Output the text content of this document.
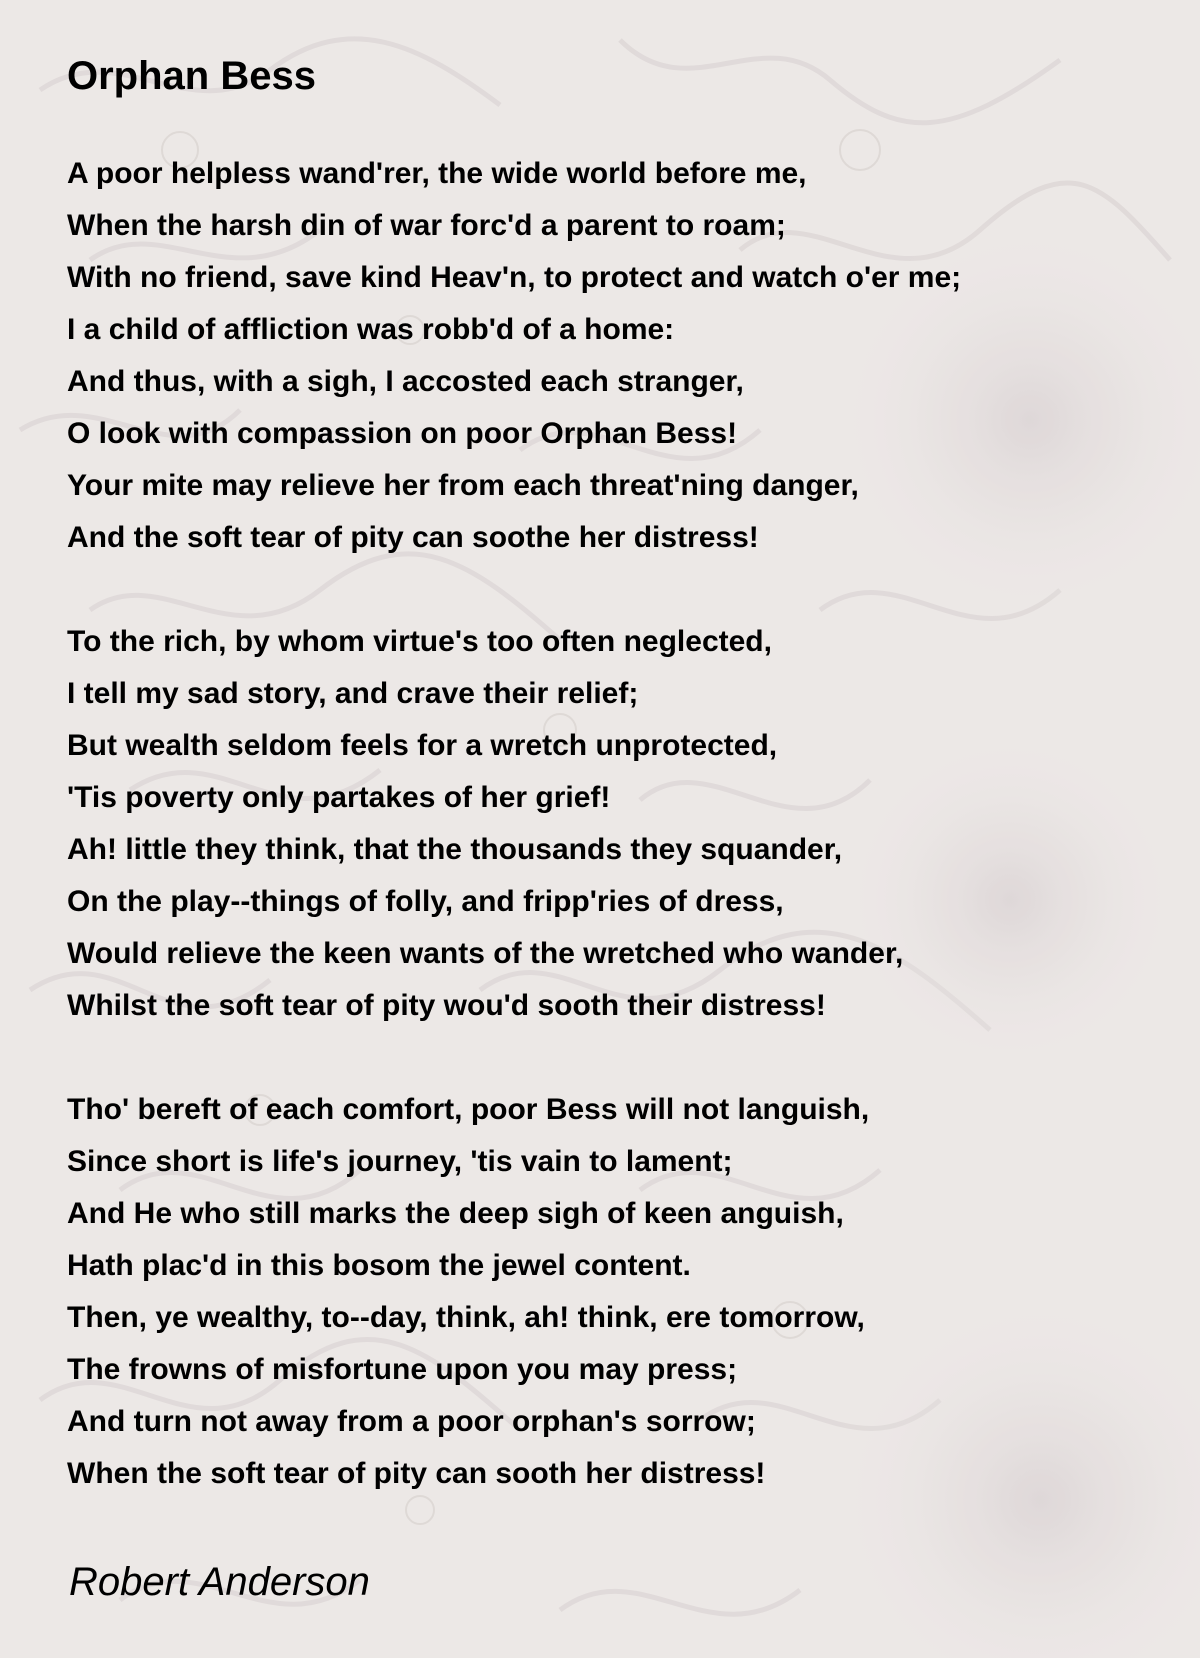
Orphan Bess
A poor helpless wand'rer, the wide world before me,
When the harsh din of war forc'd a parent to roam;
With no friend, save kind Heav'n, to protect and watch o'er me;
I a child of affliction was robb'd of a home:
And thus, with a sigh, I accosted each stranger,
O look with compassion on poor Orphan Bess!
Your mite may relieve her from each threat'ning danger,
And the soft tear of pity can soothe her distress!
To the rich, by whom virtue's too often neglected,
I tell my sad story, and crave their relief;
But wealth seldom feels for a wretch unprotected,
'Tis poverty only partakes of her grief!
Ah! little they think, that the thousands they squander,
On the play--things of folly, and fripp'ries of dress,
Would relieve the keen wants of the wretched who wander,
Whilst the soft tear of pity wou'd sooth their distress!
Tho' bereft of each comfort, poor Bess will not languish,
Since short is life's journey, 'tis vain to lament;
And He who still marks the deep sigh of keen anguish,
Hath plac'd in this bosom the jewel content.
Then, ye wealthy, to--day, think, ah! think, ere tomorrow,
The frowns of misfortune upon you may press;
And turn not away from a poor orphan's sorrow;
When the soft tear of pity can sooth her distress!

Robert Anderson
